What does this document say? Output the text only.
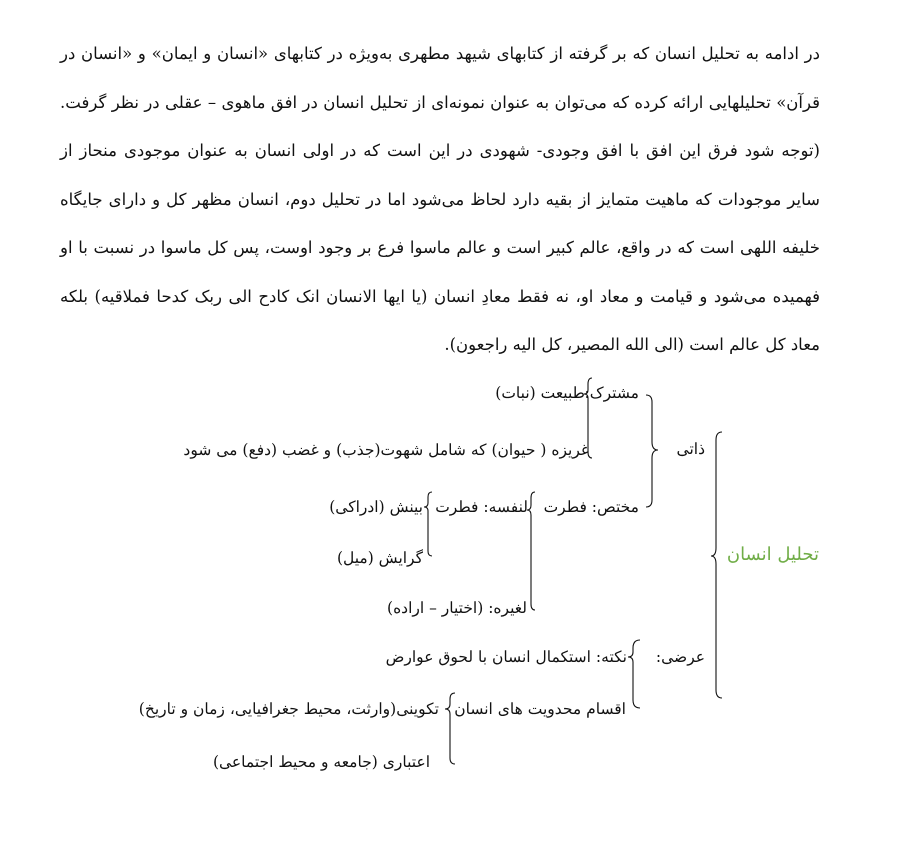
در ادامه به تحلیل انسان که بر گرفته از کتابهای شیهد مطهری به‌ویژه در کتابهای «انسان و ایمان» و «انسان در قرآن» تحلیلهایی ارائه کرده که می‌توان به عنوان نمونه‌ای از تحلیل انسان در افق ماهوی – عقلی در نظر گرفت. (توجه شود فرق این افق با افق وجودی- شهودی در این است که در اولی انسان به عنوان موجودی منحاز از سایر موجودات که ماهیت متمایز از بقیه دارد لحاظ می‌شود اما در تحلیل دوم، انسان مظهر کل و دارای جایگاه خلیفه اللهی است که در واقع، عالم کبیر است و عالم ماسوا فرع بر وجود اوست، پس کل ماسوا در نسبت با او فهمیده می‌شود و قیامت و معاد او، نه فقط معادِ انسان (یا ایها الانسان انک کادح الی ربک کدحا فملاقیه) بلکه معاد کل عالم است (الی الله المصیر، کل الیه راجعون).

تحلیل انسان
ذاتی
مشترک:
طبیعت (نبات)
غریزه ( حیوان) که شامل شهوت(جذب) و غضب (دفع) می شود
مختص: فطرت
لنفسه: فطرت
بینش (ادراکی)
گرایش (میل)
لغیره: (اختیار – اراده)
عرضی:
نکته: استکمال انسان با لحوق عوارض
اقسام محدویت های انسان
تکوینی(وارثت، محیط جغرافیایی، زمان و تاریخ)
اعتباری (جامعه و محیط اجتماعی)
